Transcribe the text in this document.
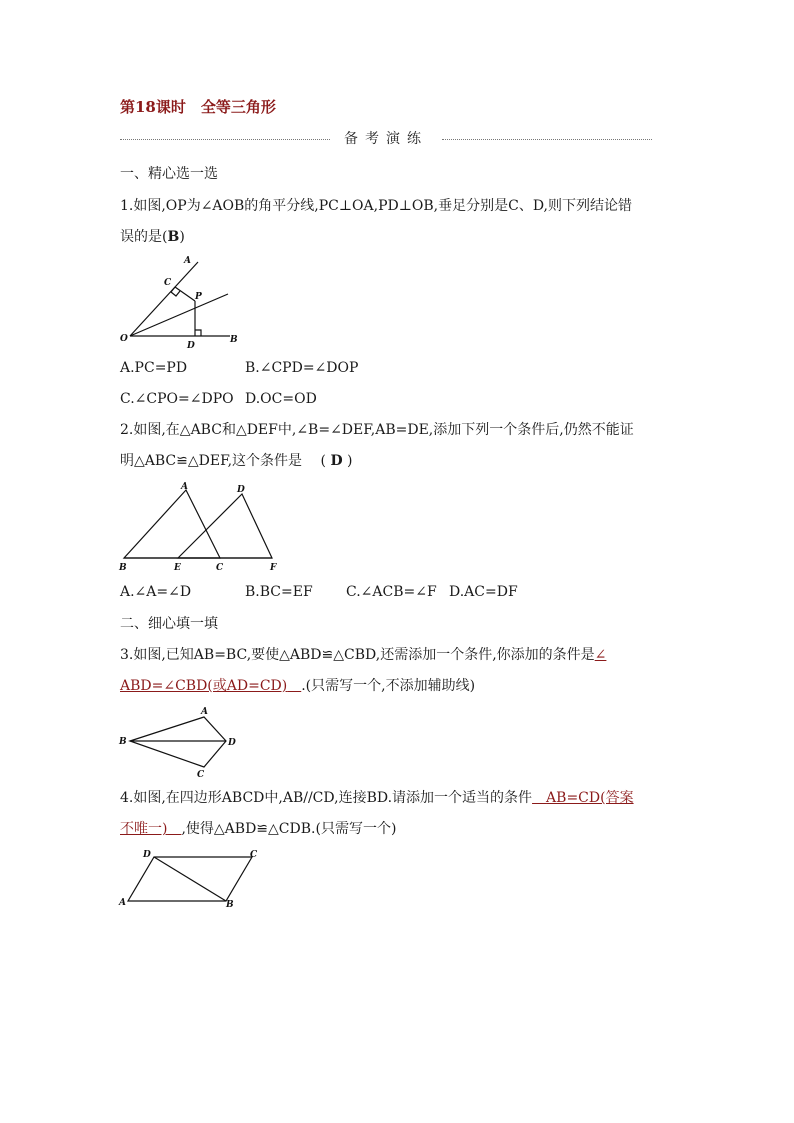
第18课时　全等三角形
备考演练
一、精心选一选
1.如图,OP为∠AOB的角平分线,PC⊥OA,PD⊥OB,垂足分别是C、D,则下列结论错
误的是(B)
A
C
P
O
D
B
A.PC=PD	B.∠CPD=∠DOP
C.∠CPO=∠DPO D.OC=OD
2.如图,在△ABC和△DEF中,∠B=∠DEF,AB=DE,添加下列一个条件后,仍然不能证
明△ABC≌△DEF,这个条件是　 ( D )
A	D
B	E	C	F
A.∠A=∠D	B.BC=EF C.∠ACB=∠F D.AC=DF
二、细心填一填
3.如图,已知AB=BC,要使△ABD≌△CBD,还需添加一个条件,你添加的条件是∠
ABD=∠CBD(或AD=CD)  .(只需写一个,不添加辅助线)
A
B	D
C
4.如图,在四边形ABCD中,AB//CD,连接BD.请添加一个适当的条件  AB=CD(答案
不唯一)  ,使得△ABD≌△CDB.(只需写一个)
D	C
A	B
